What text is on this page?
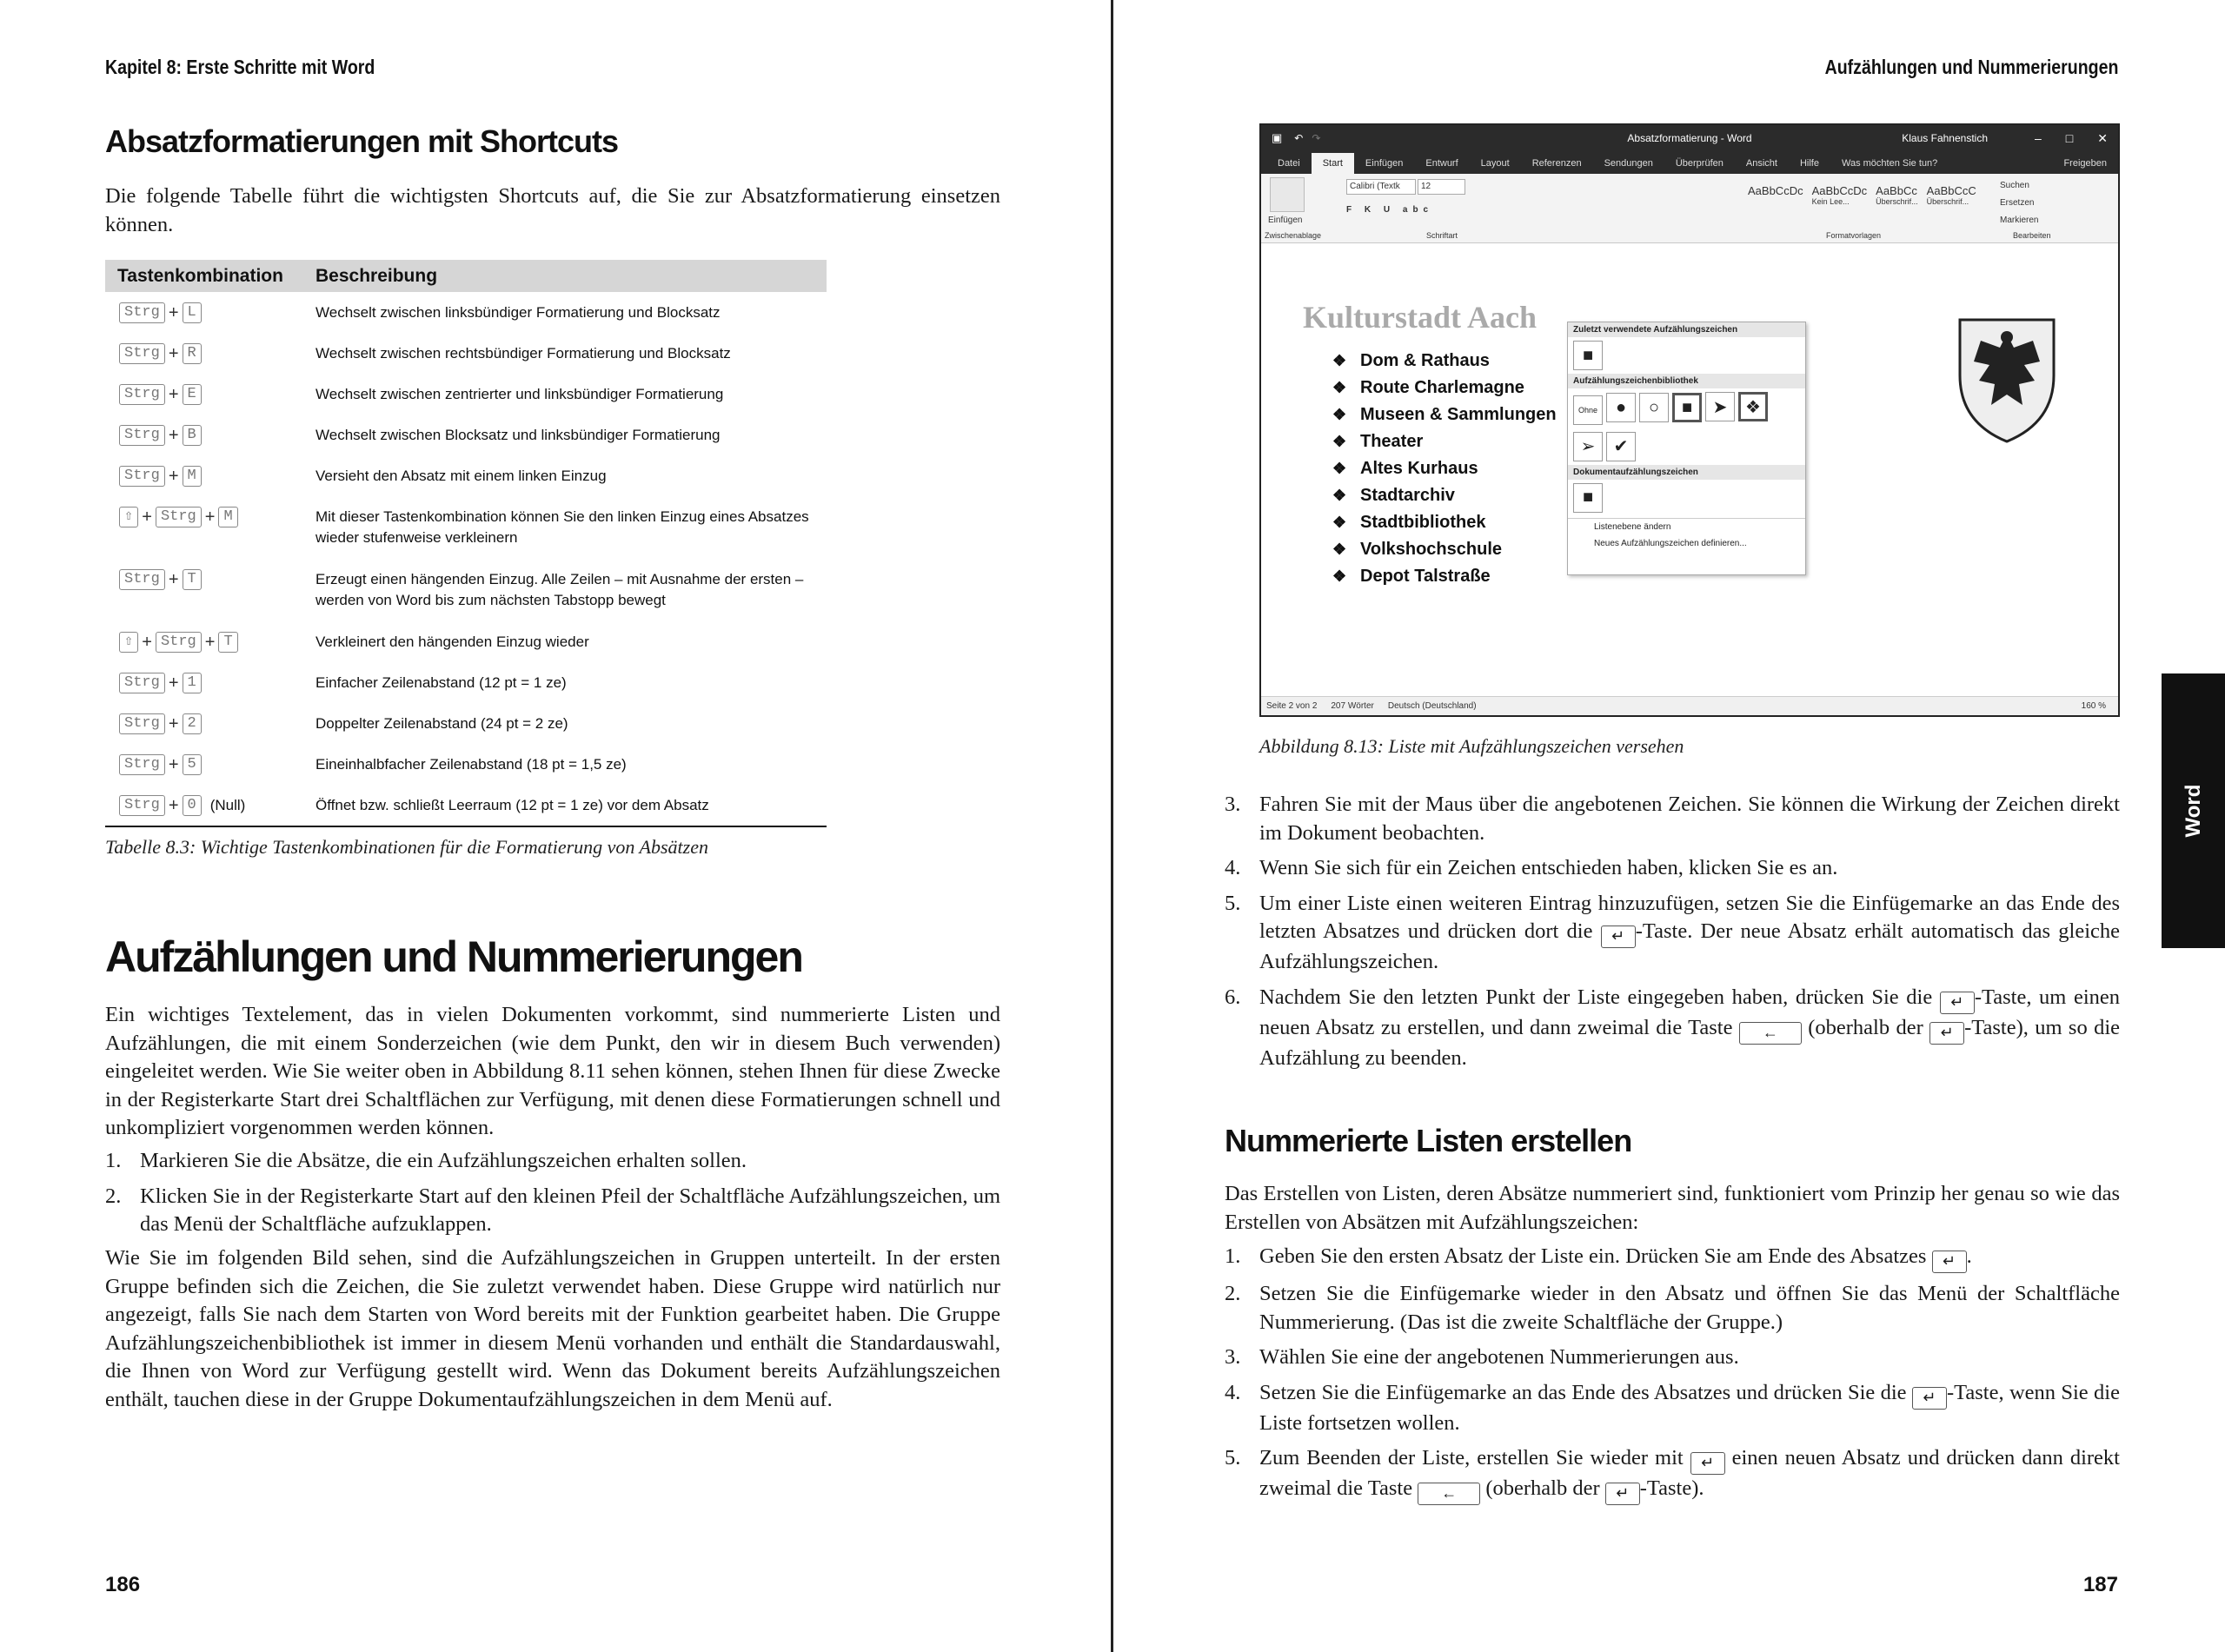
Kapitel 8: Erste Schritte mit Word
Absatzformatierungen mit Shortcuts
Die folgende Tabelle führt die wichtigsten Shortcuts auf, die Sie zur Absatzformatierung einsetzen können.
Tastenkombination	Beschreibung
Strg + L	Wechselt zwischen linksbündiger Formatierung und Blocksatz
Strg + R	Wechselt zwischen rechtsbündiger Formatierung und Blocksatz
Strg + E	Wechselt zwischen zentrierter und linksbündiger Formatierung
Strg + B	Wechselt zwischen Blocksatz und linksbündiger Formatierung
Strg + M	Versieht den Absatz mit einem linken Einzug
⇧ + Strg + M	Mit dieser Tastenkombination können Sie den linken Einzug eines Absatzes wieder stufenweise verkleinern
Strg + T	Erzeugt einen hängenden Einzug. Alle Zeilen – mit Ausnahme der ersten – werden von Word bis zum nächsten Tabstopp bewegt
⇧ + Strg + T	Verkleinert den hängenden Einzug wieder
Strg + 1	Einfacher Zeilenabstand (12 pt = 1 ze)
Strg + 2	Doppelter Zeilenabstand (24 pt = 2 ze)
Strg + 5	Eineinhalbfacher Zeilenabstand (18 pt = 1,5 ze)
Strg + 0 (Null)	Öffnet bzw. schließt Leerraum (12 pt = 1 ze) vor dem Absatz
Tabelle 8.3: Wichtige Tastenkombinationen für die Formatierung von Absätzen
Aufzählungen und Nummerierungen
Ein wichtiges Textelement, das in vielen Dokumenten vorkommt, sind nummerierte Listen und Aufzählungen, die mit einem Sonderzeichen (wie dem Punkt, den wir in diesem Buch verwenden) eingeleitet werden. Wie Sie weiter oben in Abbildung 8.11 sehen können, stehen Ihnen für diese Zwecke in der Registerkarte Start drei Schaltflächen zur Verfügung, mit denen diese Formatierungen schnell und unkompliziert vorgenommen werden können.
1. Markieren Sie die Absätze, die ein Aufzählungszeichen erhalten sollen.
2. Klicken Sie in der Registerkarte Start auf den kleinen Pfeil der Schaltfläche Aufzählungszeichen, um das Menü der Schaltfläche aufzuklappen.
Wie Sie im folgenden Bild sehen, sind die Aufzählungszeichen in Gruppen unterteilt. In der ersten Gruppe befinden sich die Zeichen, die Sie zuletzt verwendet haben. Diese Gruppe wird natürlich nur angezeigt, falls Sie nach dem Starten von Word bereits mit der Funktion gearbeitet haben. Die Gruppe Aufzählungszeichenbibliothek ist immer in diesem Menü vorhanden und enthält die Standardauswahl, die Ihnen von Word zur Verfügung gestellt wird. Wenn das Dokument bereits Aufzählungszeichen enthält, tauchen diese in der Gruppe Dokumentaufzählungszeichen in dem Menü auf.
186
Aufzählungen und Nummerierungen
187
Word
▣ ↶ ↷	Absatzformatierung - Word	Klaus Fahnenstich	– □ ✕
Datei	Start	Einfügen	Entwurf	Layout	Referenzen	Sendungen	Überprüfen	Ansicht	Hilfe	Was möchten Sie tun?	Freigeben
Einfügen
Zwischenablage
Calibri (Textk	12
F K U abc
Schriftart
AaBbCcDc AaBbCcDc
Kein Lee...
AaBbCc
Überschrif...
AaBbCcC
Überschrif...
Formatvorlagen
Suchen
Ersetzen
Markieren
Bearbeiten
Kulturstadt Aach
❖ Dom & Rathaus
❖ Route Charlemagne
❖ Museen & Sammlungen
❖ Theater
❖ Altes Kurhaus
❖ Stadtarchiv
❖ Stadtbibliothek
❖ Volkshochschule
❖ Depot Talstraße
Zuletzt verwendete Aufzählungszeichen
■
Aufzählungszeichenbibliothek
Ohne ● ○ ■ ➤ ❖
➢ ✔
Dokumentaufzählungszeichen
■
Listenebene ändern
Neues Aufzählungszeichen definieren...
Seite 2 von 2 207 Wörter Deutsch (Deutschland)	160 %
Abbildung 8.13: Liste mit Aufzählungszeichen versehen
3. Fahren Sie mit der Maus über die angebotenen Zeichen. Sie können die Wirkung der Zeichen direkt im Dokument beobachten.
4. Wenn Sie sich für ein Zeichen entschieden haben, klicken Sie es an.
5. Um einer Liste einen weiteren Eintrag hinzuzufügen, setzen Sie die Einfügemarke an das Ende des letzten Absatzes und drücken dort die ↵ -Taste. Der neue Absatz erhält automatisch das gleiche Aufzählungszeichen.
6. Nachdem Sie den letzten Punkt der Liste eingegeben haben, drücken Sie die ↵ -Taste, um einen neuen Absatz zu erstellen, und dann zweimal die Taste ← (oberhalb der ↵ -Taste), um so die Aufzählung zu beenden.
Nummerierte Listen erstellen
Das Erstellen von Listen, deren Absätze nummeriert sind, funktioniert vom Prinzip her genau so wie das Erstellen von Absätzen mit Aufzählungszeichen:
1. Geben Sie den ersten Absatz der Liste ein. Drücken Sie am Ende des Absatzes ↵ .
2. Setzen Sie die Einfügemarke wieder in den Absatz und öffnen Sie das Menü der Schaltfläche Nummerierung. (Das ist die zweite Schaltfläche der Gruppe.)
3. Wählen Sie eine der angebotenen Nummerierungen aus.
4. Setzen Sie die Einfügemarke an das Ende des Absatzes und drücken Sie die ↵ -Taste, wenn Sie die Liste fortsetzen wollen.
5. Zum Beenden der Liste, erstellen Sie wieder mit ↵ einen neuen Absatz und drücken dann direkt zweimal die Taste ← (oberhalb der ↵ -Taste).
